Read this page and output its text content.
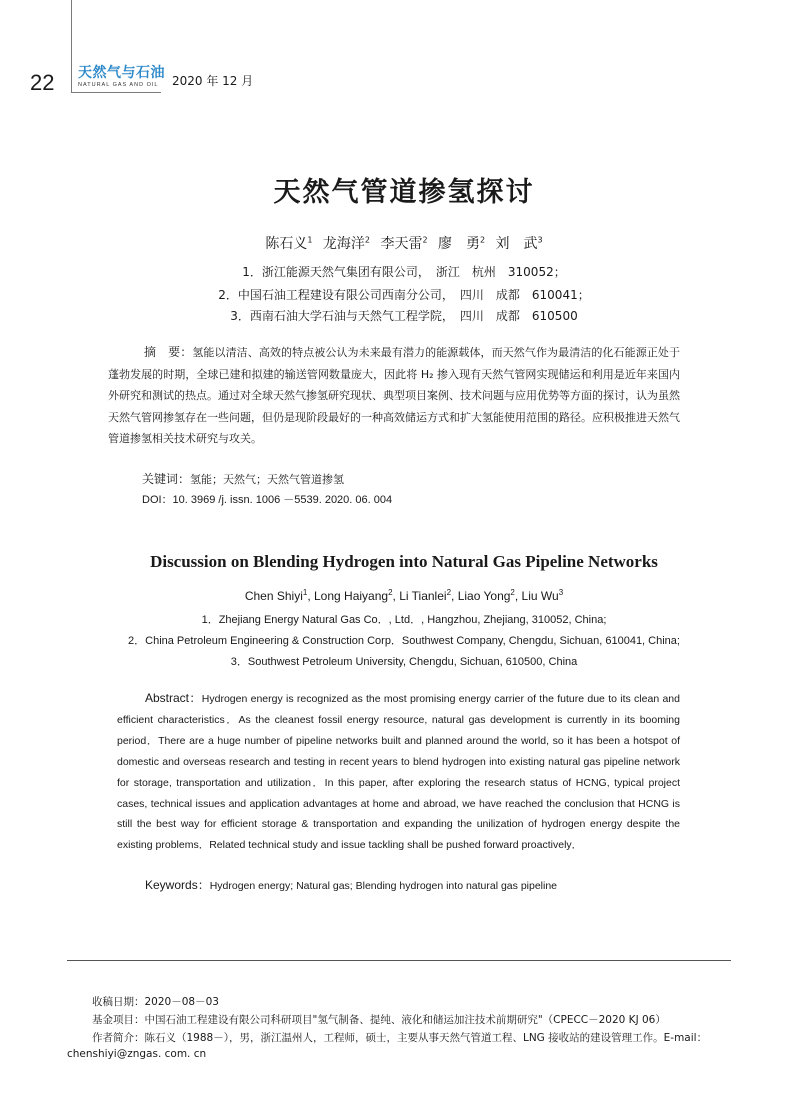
22 天然气与石油
NATURAL GAS AND OIL 2020 年 12 月
天然气管道掺氢探讨
陈石义$^1$ 龙海洋$^2$ 李天雷$^2$ 廖　勇$^2$ 刘　武$^3$
1．浙江能源天然气集团有限公司，　浙江　杭州　310052；
2．中国石油工程建设有限公司西南分公司，　四川　成都　610041；
3．西南石油大学石油与天然气工程学院，　四川　成都　610500

摘　要：氢能以清洁、高效的特点被公认为未来最有潜力的能源载体，而天然气作为最清洁的化石能源正处于蓬勃发展的时期，全球已建和拟建的输送管网数量庞大，因此将 H₂ 掺入现有天然气管网实现储运和利用是近年来国内外研究和测试的热点。通过对全球天然气掺氢研究现状、典型项目案例、技术问题与应用优势等方面的探讨，认为虽然天然气管网掺氢存在一些问题，但仍是现阶段最好的一种高效储运方式和扩大氢能使用范围的路径。应积极推进天然气管道掺氢相关技术研究与攻关。

关键词：氢能；天然气；天然气管道掺氢
DOI：10. 3969 /j. issn. 1006 －5539. 2020. 06. 004
Discussion on Blending Hydrogen into Natural Gas Pipeline Networks
Chen Shiyi$^1$, Long Haiyang$^2$, Li Tianlei$^2$, Liao Yong$^2$, Liu Wu$^3$
1．Zhejiang Energy Natural Gas Co．, Ltd．, Hangzhou, Zhejiang, 310052, China;
2．China Petroleum Engineering & Construction Corp．Southwest Company, Chengdu, Sichuan, 610041, China;
3．Southwest Petroleum University, Chengdu, Sichuan, 610500, China

Abstract：Hydrogen energy is recognized as the most promising energy carrier of the future due to its clean and efficient characteristics．As the cleanest fossil energy resource, natural gas development is currently in its booming period．There are a huge number of pipeline networks built and planned around the world, so it has been a hotspot of domestic and overseas research and testing in recent years to blend hydrogen into existing natural gas pipeline network for storage, transportation and utilization．In this paper, after exploring the research status of HCNG, typical project cases, technical issues and application advantages at home and abroad, we have reached the conclusion that HCNG is still the best way for efficient storage & transportation and expanding the unilization of hydrogen energy despite the existing problems．Related technical study and issue tackling shall be pushed forward proactively．

Keywords：Hydrogen energy; Natural gas; Blending hydrogen into natural gas pipeline
收稿日期：2020－08－03
基金项目：中国石油工程建设有限公司科研项目"氢气制备、提纯、液化和储运加注技术前期研究"（CPECC－2020 KJ 06）
作者简介：陈石义（1988－），男，浙江温州人，工程师，硕士，主要从事天然气管道工程、LNG 接收站的建设管理工作。E-mail：
chenshiyi@zngas. com. cn
